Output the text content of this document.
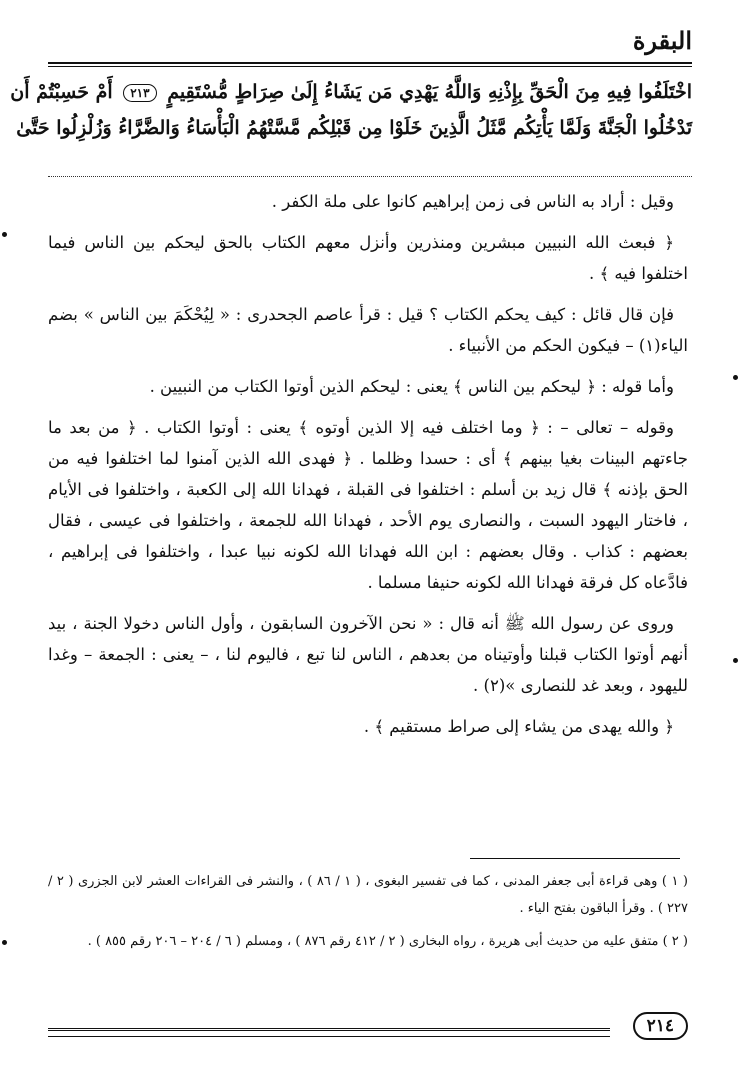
البقرة
اخْتَلَفُوا فِيهِ مِنَ الْحَقِّ بِإِذْنِهِ وَاللَّهُ يَهْدِي مَن يَشَاءُ إِلَىٰ صِرَاطٍ مُّسْتَقِيمٍ ٢١٣ أَمْ حَسِبْتُمْ أَن
تَدْخُلُوا الْجَنَّةَ وَلَمَّا يَأْتِكُم مَّثَلُ الَّذِينَ خَلَوْا مِن قَبْلِكُم مَّسَّتْهُمُ الْبَأْسَاءُ وَالضَّرَّاءُ وَزُلْزِلُوا حَتَّىٰ

وقيل : أراد به الناس فى زمن إبراهيم كانوا على ملة الكفر .

﴿ فبعث الله النبيين مبشرين ومنذرين وأنزل معهم الكتاب بالحق ليحكم بين الناس فيما اختلفوا فيه ﴾ .

فإن قال قائل : كيف يحكم الكتاب ؟ قيل : قرأ عاصم الجحدرى : « لِيُحْكَمَ بين الناس » بضم الياء(١) – فيكون الحكم من الأنبياء .

وأما قوله : ﴿ ليحكم بين الناس ﴾ يعنى : ليحكم الذين أوتوا الكتاب من النبيين .

وقوله – تعالى – : ﴿ وما اختلف فيه إلا الذين أوتوه ﴾ يعنى : أوتوا الكتاب . ﴿ من بعد ما جاءتهم البينات بغيا بينهم ﴾ أى : حسدا وظلما . ﴿ فهدى الله الذين آمنوا لما اختلفوا فيه من الحق بإذنه ﴾ قال زيد بن أسلم : اختلفوا فى القبلة ، فهدانا الله إلى الكعبة ، واختلفوا فى الأيام ، فاختار اليهود السبت ، والنصارى يوم الأحد ، فهدانا الله للجمعة ، واختلفوا فى عيسى ، فقال بعضهم : كذاب . وقال بعضهم : ابن الله فهدانا الله لكونه نبيا عبدا ، واختلفوا فى إبراهيم ، فادَّعاه كل فرقة فهدانا الله لكونه حنيفا مسلما .

وروى عن رسول الله ﷺ أنه قال : « نحن الآخرون السابقون ، وأول الناس دخولا الجنة ، بيد أنهم أوتوا الكتاب قبلنا وأوتيناه من بعدهم ، الناس لنا تبع ، فاليوم لنا ، – يعنى : الجمعة – وغدا لليهود ، وبعد غد للنصارى »(٢) .

﴿ والله يهدى من يشاء إلى صراط مستقيم ﴾ .

( ١ ) وهى قراءة أبى جعفر المدنى ، كما فى تفسير البغوى ، ( ١ / ٨٦ ) ، والنشر فى القراءات العشر لابن الجزرى ( ٢ / ٢٢٧ ) . وقرأ الباقون بفتح الياء .

( ٢ ) متفق عليه من حديث أبى هريرة ، رواه البخارى ( ٢ / ٤١٢ رقم ٨٧٦ ) ، ومسلم ( ٦ / ٢٠٤ – ٢٠٦ رقم ٨٥٥ ) .

٢١٤
